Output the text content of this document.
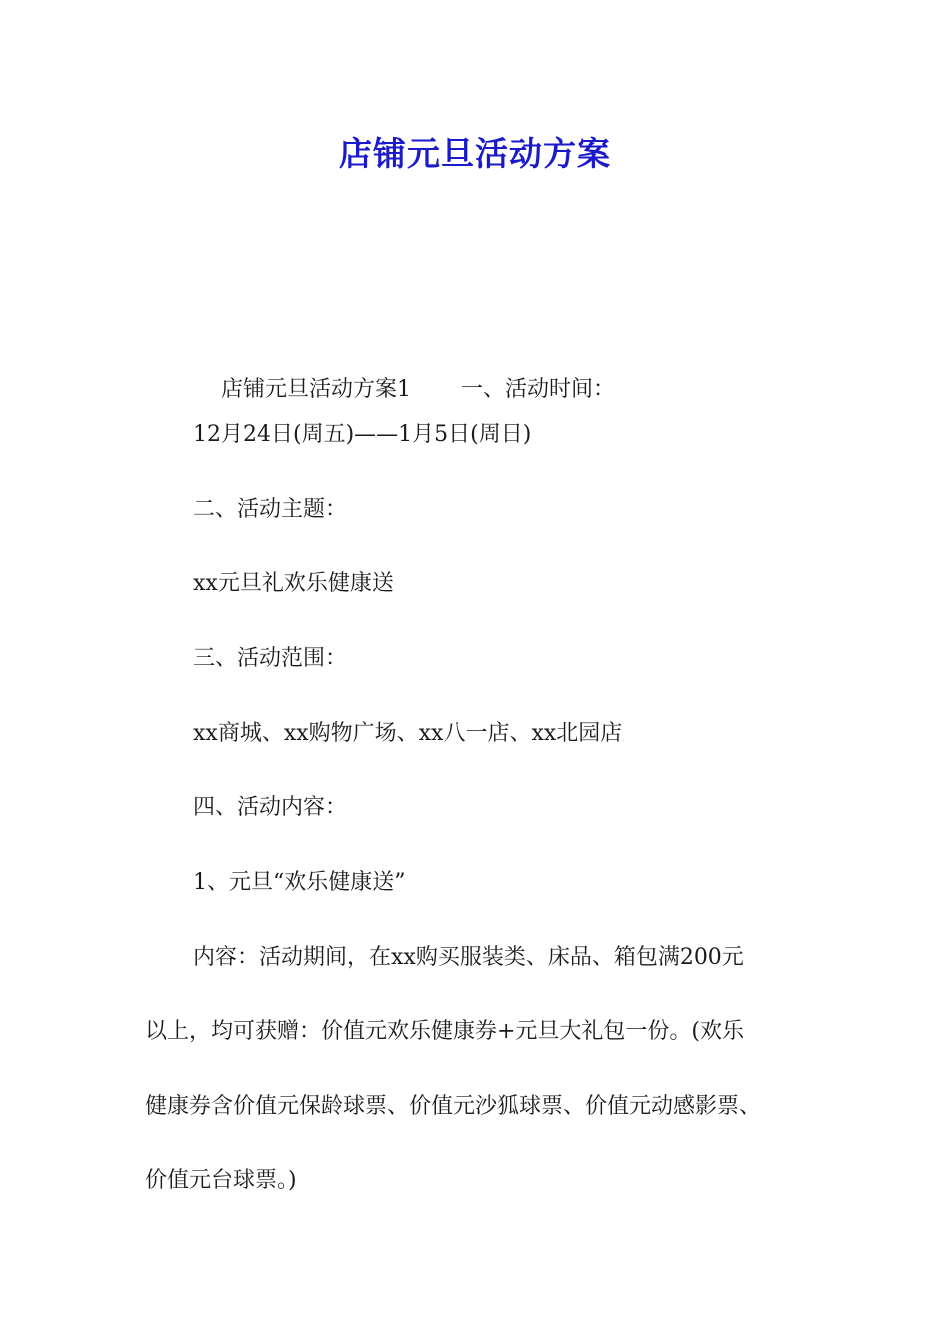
店铺元旦活动方案

店铺元旦活动方案1 一、活动时间：

12月24日(周五)——1月5日(周日)
二、活动主题：
xx元旦礼欢乐健康送
三、活动范围：
xx商城、xx购物广场、xx八一店、xx北园店
四、活动内容：
1、元旦“欢乐健康送”
内容：活动期间，在xx购买服装类、床品、箱包满200元
以上，均可获赠：价值元欢乐健康券+元旦大礼包一份。(欢乐
健康券含价值元保龄球票、价值元沙狐球票、价值元动感影票、
价值元台球票。)
